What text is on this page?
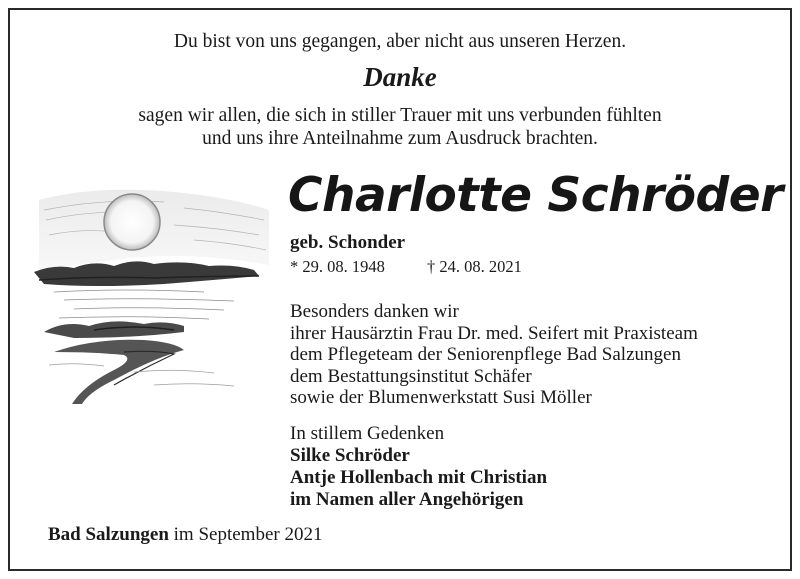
Du bist von uns gegangen, aber nicht aus unseren Herzen.
Danke
sagen wir allen, die sich in stiller Trauer mit uns verbunden fühlten
und uns ihre Anteilnahme zum Ausdruck brachten.
Charlotte Schröder
geb. Schonder
* 29. 08. 1948	† 24. 08. 2021
Besonders danken wir
ihrer Hausärztin Frau Dr. med. Seifert mit Praxisteam
dem Pflegeteam der Seniorenpflege Bad Salzungen
dem Bestattungsinstitut Schäfer
sowie der Blumenwerkstatt Susi Möller
In stillem Gedenken
Silke Schröder
Antje Hollenbach mit Christian
im Namen aller Angehörigen
Bad Salzungen im September 2021
